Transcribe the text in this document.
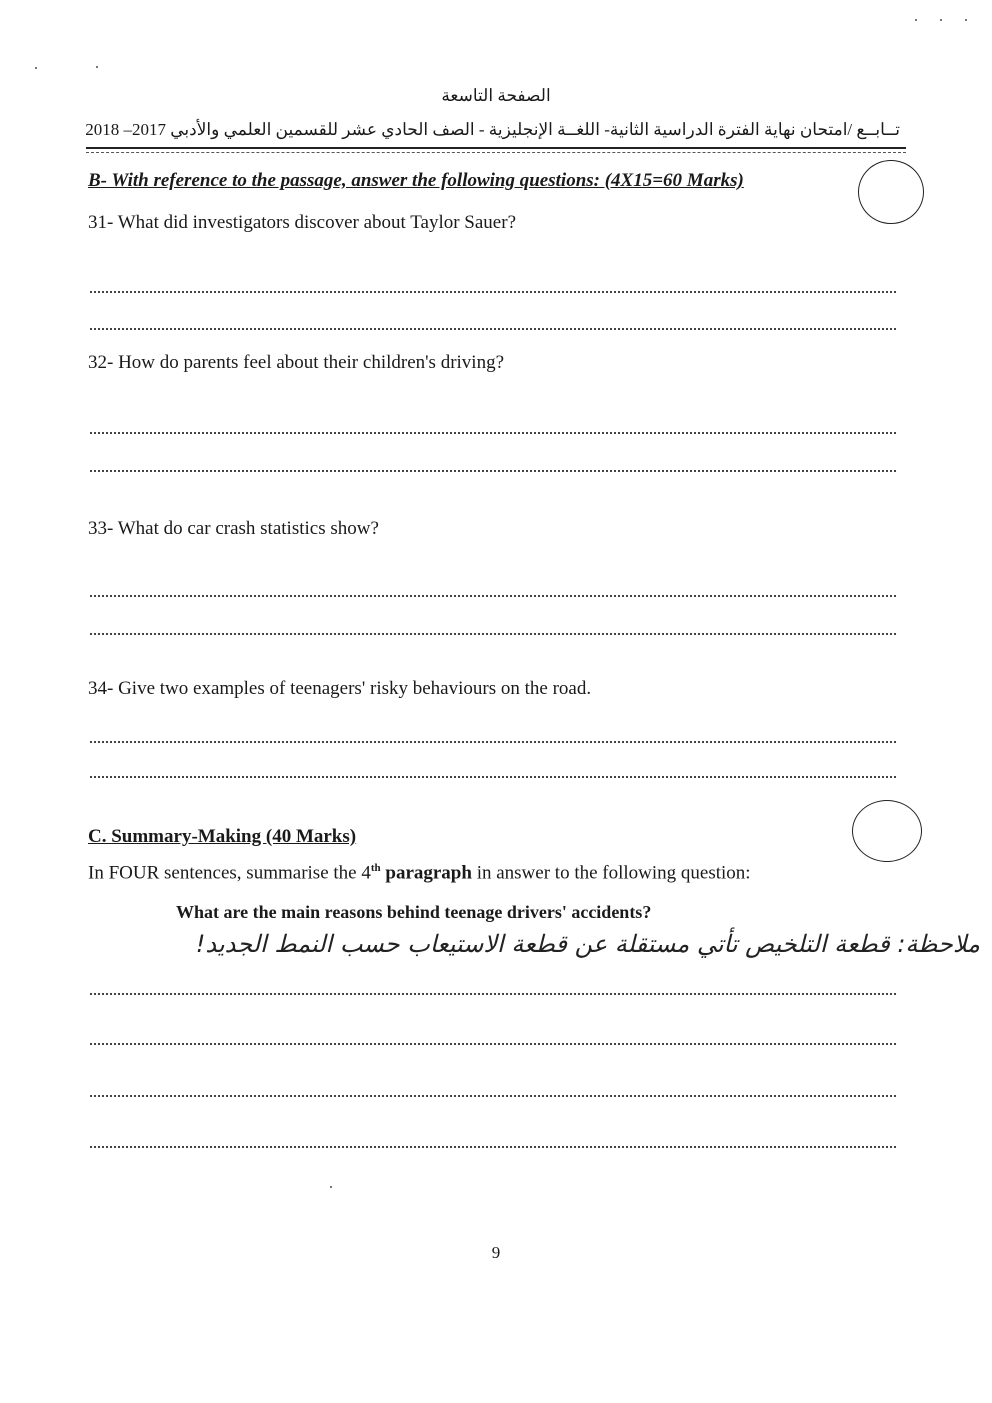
الصفحة التاسعة
تــابــع /امتحان نهاية الفترة الدراسية الثانية- اللغــة الإنجليزية - الصف الحادي عشر للقسمين العلمي والأدبي 2017– 2018
B- With reference to the passage, answer the following questions: (4X15=60 Marks)
31- What did investigators discover about Taylor Sauer?
32- How do parents feel about their children's driving?
33- What do car crash statistics show?
34- Give two examples of teenagers' risky behaviours on the road.
C. Summary-Making (40 Marks)
In FOUR sentences, summarise the 4th paragraph in answer to the following question:
What are the main reasons behind teenage drivers' accidents?
ملاحظة: قطعة التلخيص تأتي مستقلة عن قطعة الاستيعاب حسب النمط الجديد!
9
